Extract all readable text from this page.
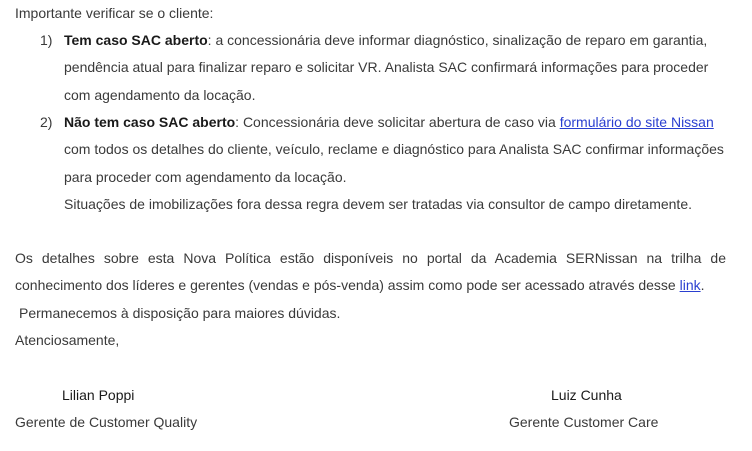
Importante verificar se o cliente:
1) Tem caso SAC aberto: a concessionária deve informar diagnóstico, sinalização de reparo em garantia, pendência atual para finalizar reparo e solicitar VR. Analista SAC confirmará informações para proceder com agendamento da locação.
2) Não tem caso SAC aberto: Concessionária deve solicitar abertura de caso via formulário do site Nissan com todos os detalhes do cliente, veículo, reclame e diagnóstico para Analista SAC confirmar informações para proceder com agendamento da locação.
Situações de imobilizações fora dessa regra devem ser tratadas via consultor de campo diretamente.
Os detalhes sobre esta Nova Política estão disponíveis no portal da Academia SERNissan na trilha de conhecimento dos líderes e gerentes (vendas e pós-venda) assim como pode ser acessado através desse link.
Permanecemos à disposição para maiores dúvidas.
Atenciosamente,
Lilian Poppi	Luiz Cunha
Gerente de Customer Quality	Gerente Customer Care
